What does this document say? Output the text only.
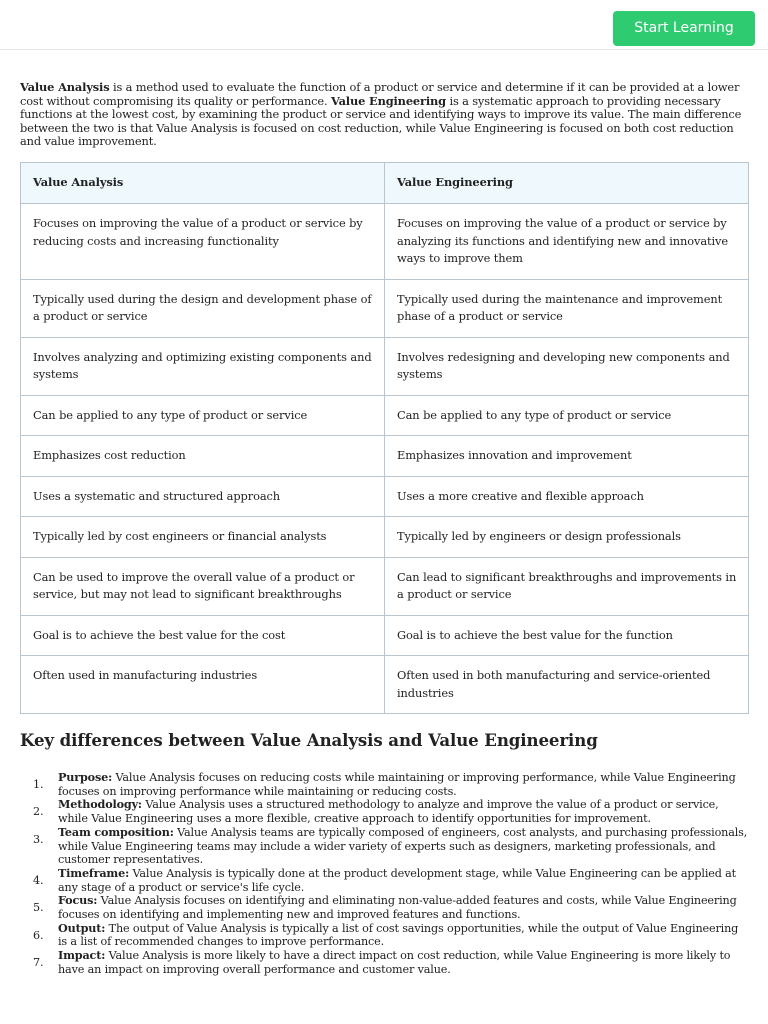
Start Learning

Value Analysis is a method used to evaluate the function of a product or service and determine if it can be provided at a lower cost without compromising its quality or performance. Value Engineering is a systematic approach to providing necessary functions at the lowest cost, by examining the product or service and identifying ways to improve its value. The main difference between the two is that Value Analysis is focused on cost reduction, while Value Engineering is focused on both cost reduction and value improvement.

Value Analysis	Value Engineering
Focuses on improving the value of a product or service by reducing costs and increasing functionality	Focuses on improving the value of a product or service by analyzing its functions and identifying new and innovative ways to improve them
Typically used during the design and development phase of a product or service	Typically used during the maintenance and improvement phase of a product or service
Involves analyzing and optimizing existing components and systems	Involves redesigning and developing new components and systems
Can be applied to any type of product or service	Can be applied to any type of product or service
Emphasizes cost reduction	Emphasizes innovation and improvement
Uses a systematic and structured approach	Uses a more creative and flexible approach
Typically led by cost engineers or financial analysts	Typically led by engineers or design professionals
Can be used to improve the overall value of a product or service, but may not lead to significant breakthroughs	Can lead to significant breakthroughs and improvements in a product or service
Goal is to achieve the best value for the cost	Goal is to achieve the best value for the function
Often used in manufacturing industries	Often used in both manufacturing and service-oriented industries
Key differences between Value Analysis and Value Engineering
1.
Purpose: Value Analysis focuses on reducing costs while maintaining or improving performance, while Value Engineering focuses on improving performance while maintaining or reducing costs.
2.
Methodology: Value Analysis uses a structured methodology to analyze and improve the value of a product or service, while Value Engineering uses a more flexible, creative approach to identify opportunities for improvement.
3.
Team composition: Value Analysis teams are typically composed of engineers, cost analysts, and purchasing professionals, while Value Engineering teams may include a wider variety of experts such as designers, marketing professionals, and customer representatives.
4.
Timeframe: Value Analysis is typically done at the product development stage, while Value Engineering can be applied at any stage of a product or service's life cycle.
5.
Focus: Value Analysis focuses on identifying and eliminating non-value-added features and costs, while Value Engineering focuses on identifying and implementing new and improved features and functions.
6.
Output: The output of Value Analysis is typically a list of cost savings opportunities, while the output of Value Engineering is a list of recommended changes to improve performance.
7.
Impact: Value Analysis is more likely to have a direct impact on cost reduction, while Value Engineering is more likely to have an impact on improving overall performance and customer value.
